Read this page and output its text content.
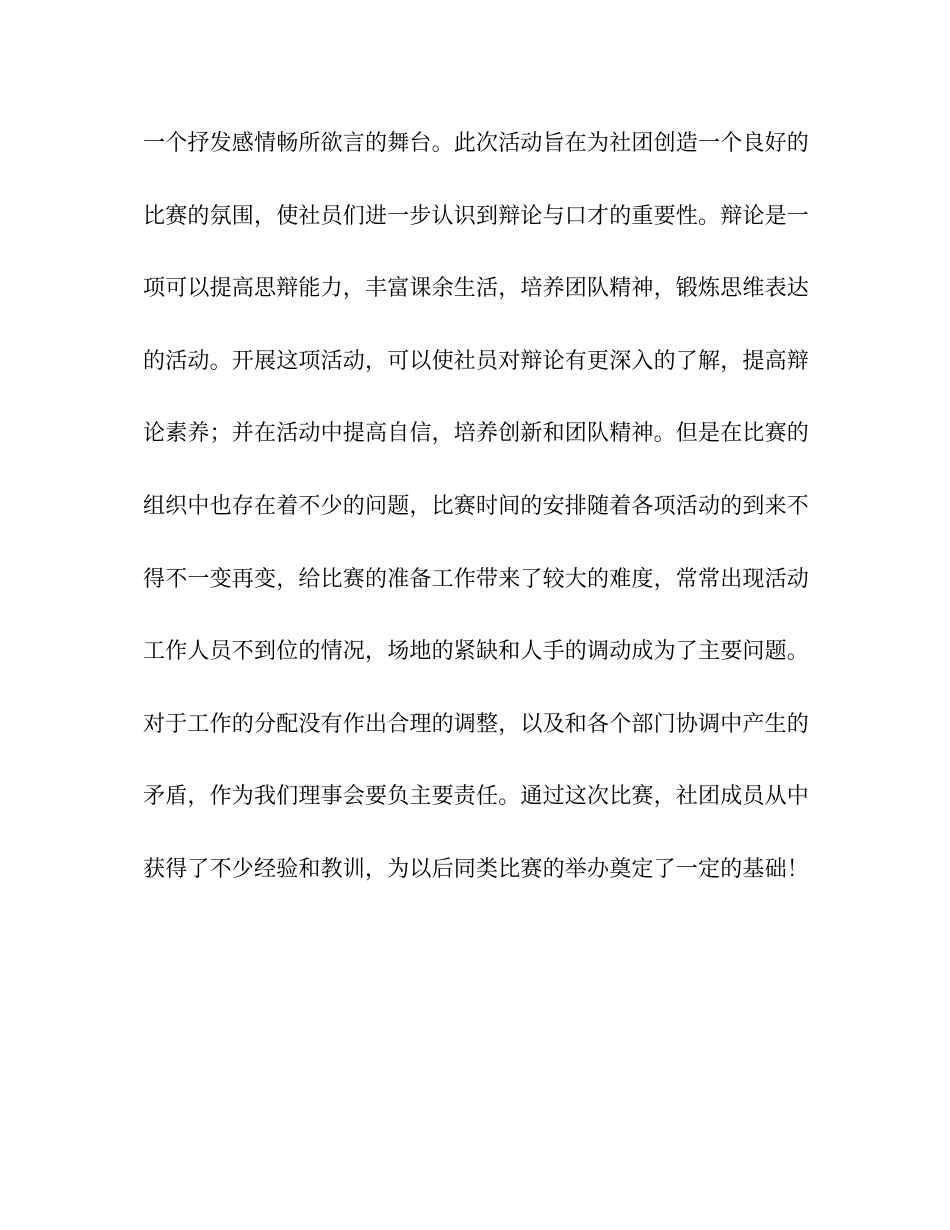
一个抒发感情畅所欲言的舞台。此次活动旨在为社团创造一个良好的
比赛的氛围，使社员们进一步认识到辩论与口才的重要性。辩论是一
项可以提高思辩能力，丰富课余生活，培养团队精神，锻炼思维表达
的活动。开展这项活动，可以使社员对辩论有更深入的了解，提高辩
论素养；并在活动中提高自信，培养创新和团队精神。但是在比赛的
组织中也存在着不少的问题，比赛时间的安排随着各项活动的到来不
得不一变再变，给比赛的准备工作带来了较大的难度，常常出现活动
工作人员不到位的情况，场地的紧缺和人手的调动成为了主要问题。
对于工作的分配没有作出合理的调整，以及和各个部门协调中产生的
矛盾，作为我们理事会要负主要责任。通过这次比赛，社团成员从中
获得了不少经验和教训，为以后同类比赛的举办奠定了一定的基础！
